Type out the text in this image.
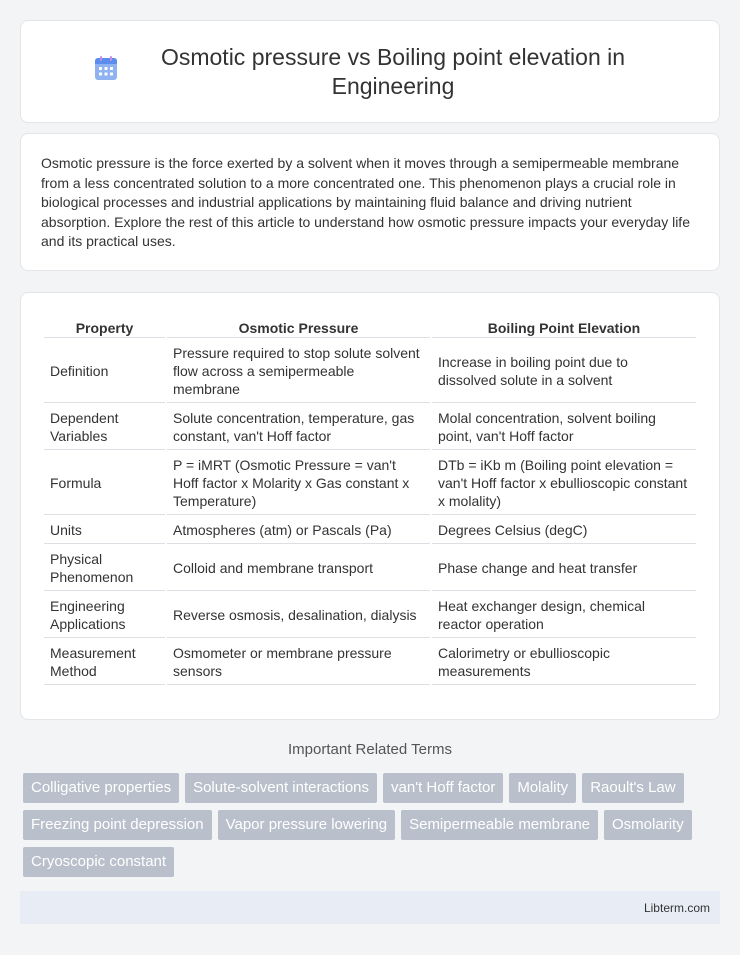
Osmotic pressure vs Boiling point elevation in Engineering

Osmotic pressure is the force exerted by a solvent when it moves through a semipermeable membrane from a less concentrated solution to a more concentrated one. This phenomenon plays a crucial role in biological processes and industrial applications by maintaining fluid balance and driving nutrient absorption. Explore the rest of this article to understand how osmotic pressure impacts your everyday life and its practical uses.

Property	Osmotic Pressure	Boiling Point Elevation
Definition	Pressure required to stop solute solvent flow across a semipermeable membrane	Increase in boiling point due to dissolved solute in a solvent
Dependent Variables	Solute concentration, temperature, gas constant, van't Hoff factor	Molal concentration, solvent boiling point, van't Hoff factor
Formula	P = iMRT (Osmotic Pressure = van't Hoff factor x Molarity x Gas constant x Temperature)	DTb = iKb m (Boiling point elevation = van't Hoff factor x ebullioscopic constant x molality)
Units	Atmospheres (atm) or Pascals (Pa)	Degrees Celsius (degC)
Physical Phenomenon	Colloid and membrane transport	Phase change and heat transfer
Engineering Applications	Reverse osmosis, desalination, dialysis	Heat exchanger design, chemical reactor operation
Measurement Method	Osmometer or membrane pressure sensors	Calorimetry or ebullioscopic measurements
Important Related Terms
Colligative properties	Solute-solvent interactions	van't Hoff factor	Molality	Raoult's Law
Freezing point depression	Vapor pressure lowering	Semipermeable membrane	Osmolarity
Cryoscopic constant
Libterm.com
